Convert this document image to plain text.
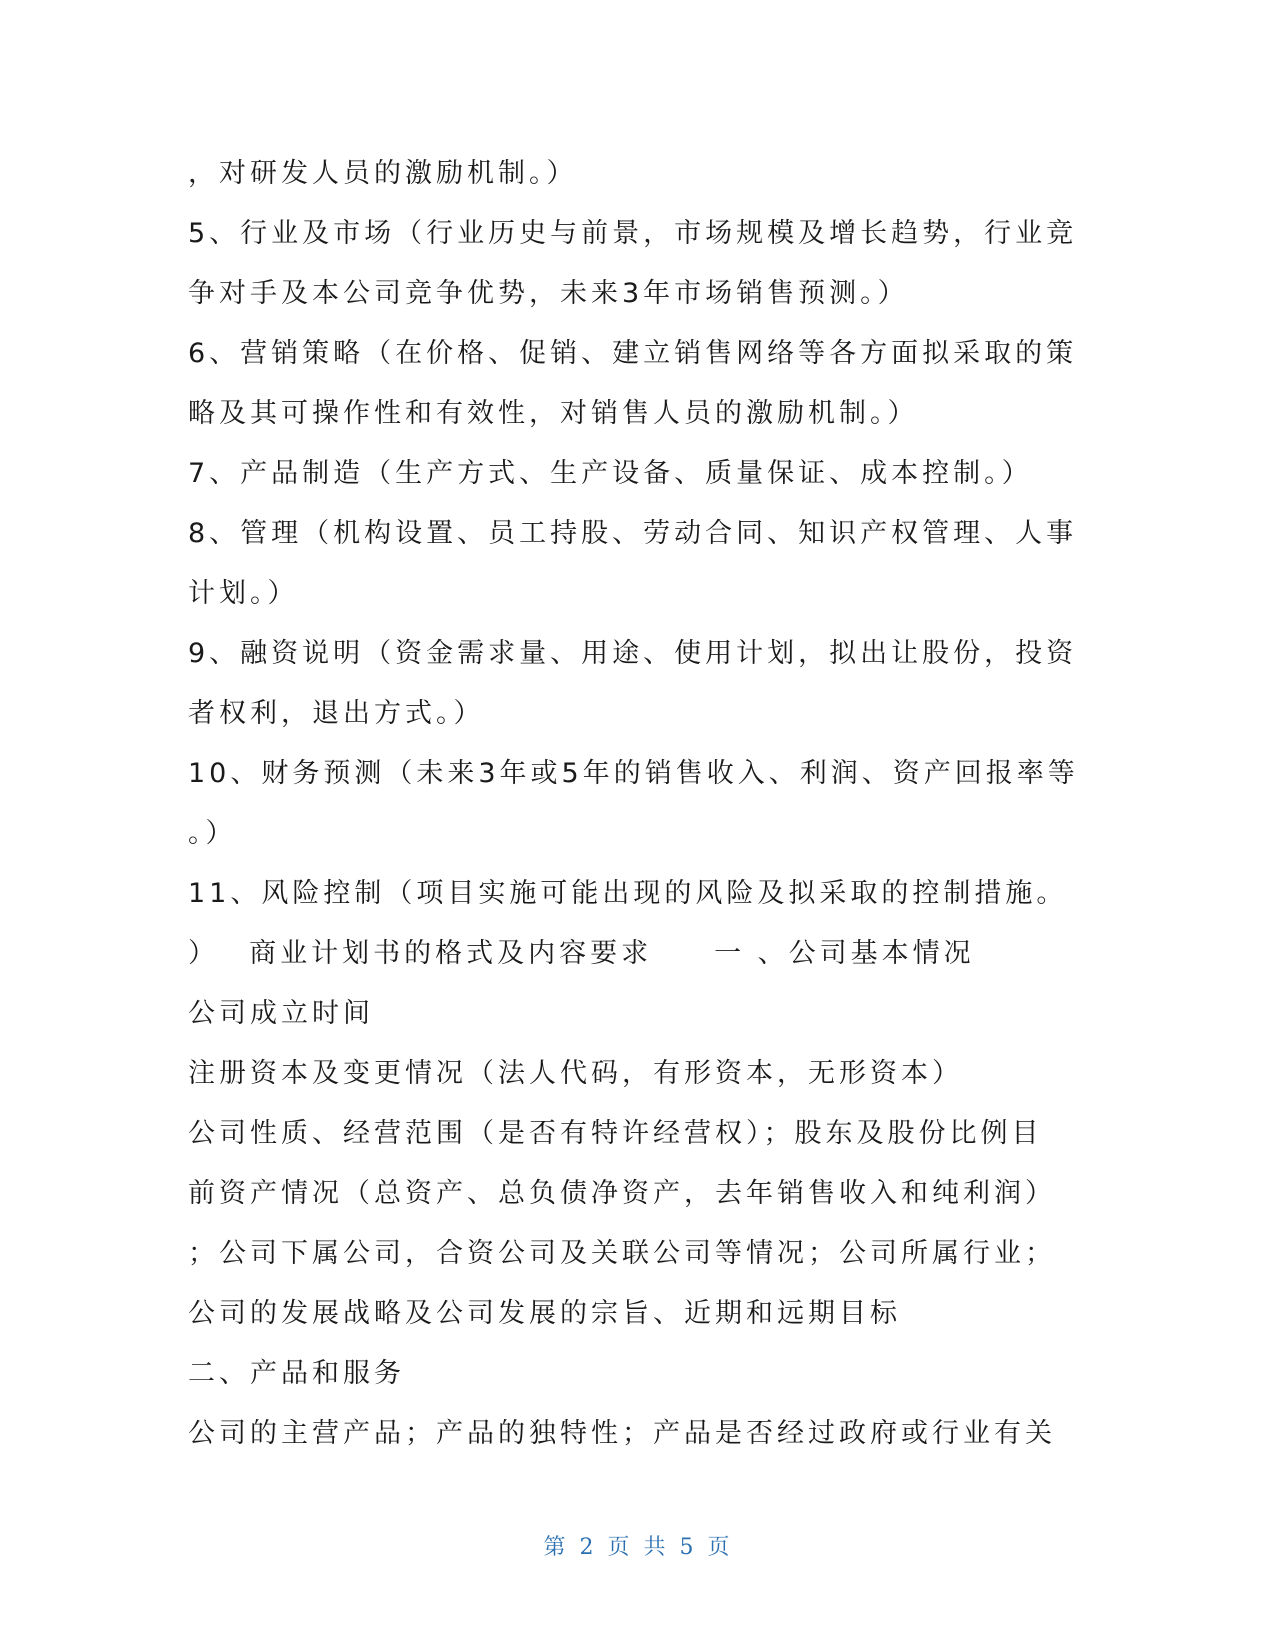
，对研发人员的激励机制。）
5、行业及市场（行业历史与前景，市场规模及增长趋势，行业竞
争对手及本公司竞争优势，未来3年市场销售预测。）
6、营销策略（在价格、促销、建立销售网络等各方面拟采取的策
略及其可操作性和有效性，对销售人员的激励机制。）
7、产品制造（生产方式、生产设备、质量保证、成本控制。）
8、管理（机构设置、员工持股、劳动合同、知识产权管理、人事
计划。）
9、融资说明（资金需求量、用途、使用计划，拟出让股份，投资
者权利，退出方式。）
10、财务预测（未来3年或5年的销售收入、利润、资产回报率等
。）
11、风险控制（项目实施可能出现的风险及拟采取的控制措施。
）　 商业计划书的格式及内容要求　　一 、公司基本情况
公司成立时间
注册资本及变更情况（法人代码，有形资本，无形资本）
公司性质、经营范围（是否有特许经营权）；股东及股份比例目
前资产情况（总资产、总负债净资产，去年销售收入和纯利润）
；公司下属公司，合资公司及关联公司等情况；公司所属行业；
公司的发展战略及公司发展的宗旨、近期和远期目标
二、产品和服务
公司的主营产品；产品的独特性；产品是否经过政府或行业有关
第 2 页 共 5 页
